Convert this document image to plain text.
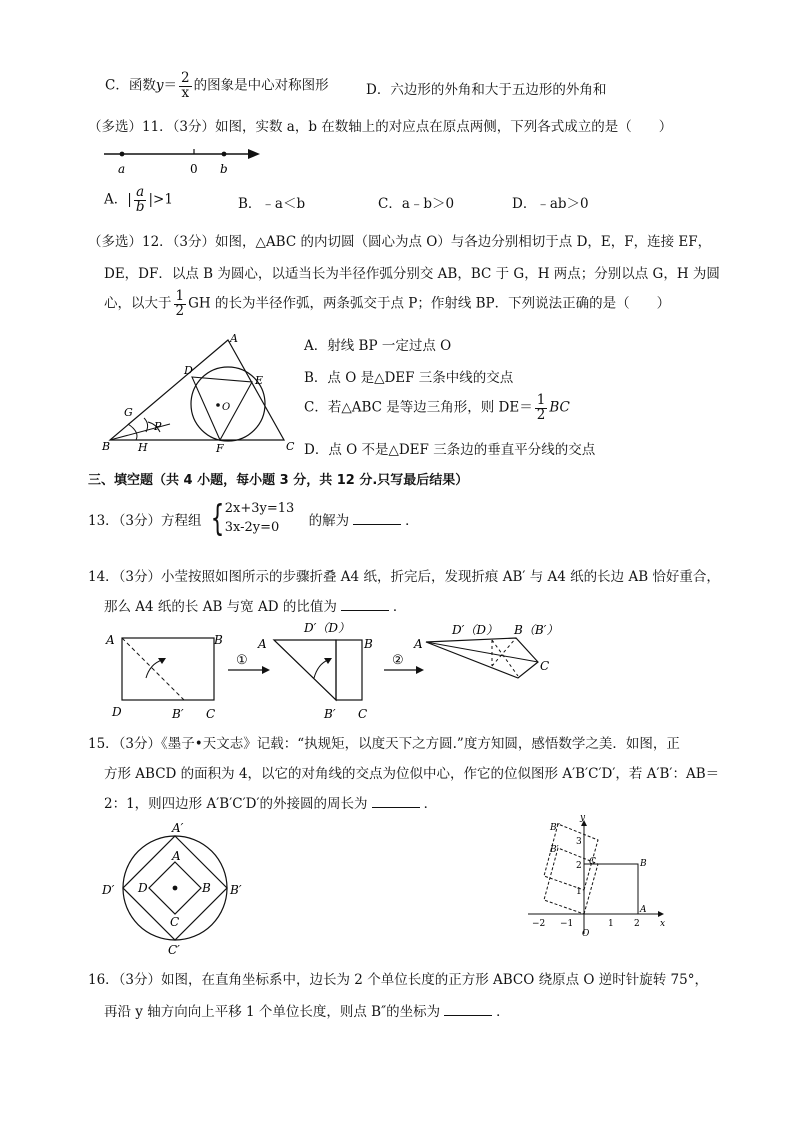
C．函数$y= \frac{2}{x}$ 的图象是中心对称图形	D．六边形的外角和大于五边形的外角和
（多选）11．（3分）如图，实数 a，b 在数轴上的对应点在原点两侧，下列各式成立的是（　　）
a	0 b
A．| $\frac{a}{b} |>1$	B．﹣a＜b	C．a﹣b＞0	D．﹣ab＞0
（多选）12．（3分）如图，△ABC 的内切圆（圆心为点 O）与各边分别相切于点 D，E，F，连接 EF，
DE，DF．以点 B 为圆心，以适当长为半径作弧分别交 AB，BC 于 G，H 两点；分别以点 G，H 为圆
心，以大于 $\frac{1}{2}$ GH 的长为半径作弧，两条弧交于点 P；作射线 BP．下列说法正确的是（　　）
A
B	C
D
E
F
G
H
O
P
A．射线 BP 一定过点 O
B．点 O 是△DEF 三条中线的交点
C．若△ABC 是等边三角形，则 $DE= \frac{1}{2}$ BC
D．点 O 不是△DEF 三条边的垂直平分线的交点
三、填空题（共 4 小题，每小题 3 分，共 12 分.只写最后结果）
13．（3分）方程组 { 2x+3y=13
3x-2y=0	的解为	．
14．（3分）小莹按照如图所示的步骤折叠 A4 纸，折完后，发现折痕 AB′ 与 A4 纸的长边 AB 恰好重合，
那么 A4 纸的长 AB 与宽 AD 的比值为	．
A	B
D	B′ C
①
A
D′（D）
B
B′ C
②
A
D′（D） B（B′）
C
15．（3分）《墨子•天文志》记载：“执规矩，以度天下之方圆.”度方知圆，感悟数学之美．如图，正
方形 ABCD 的面积为 4，以它的对角线的交点为位似中心，作它的位似图形 A′B′C′D′，若 A′B′：AB＝
2：1，则四边形 A′B′C′D′的外接圆的周长为	．
A′
A
D	B
C
D′	B′
C′
y
x
O
−2 −1	1 2
1
2
3
B
A
C
B′
B″
16．（3分）如图，在直角坐标系中，边长为 2 个单位长度的正方形 ABCO 绕原点 O 逆时针旋转 75°，
再沿 y 轴方向向上平移 1 个单位长度，则点 B″的坐标为	．
